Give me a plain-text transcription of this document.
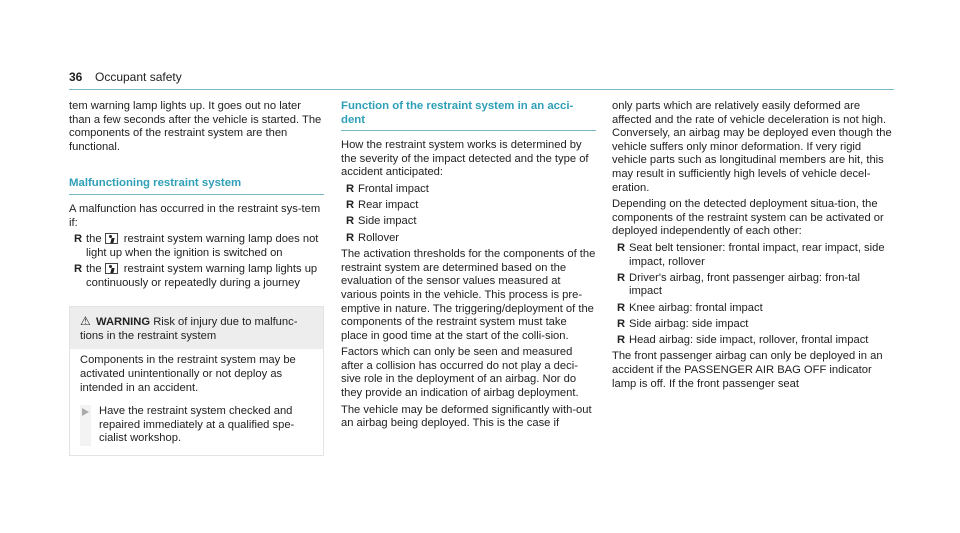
36 Occupant safety

tem warning lamp lights up. It goes out no later than a few seconds after the vehicle is started. The components of the restraint system are then functional.

Malfunctioning restraint system

A malfunction has occurred in the restraint sys-tem if:

R the restraint system warning lamp does not light up when the ignition is switched on
R the restraint system warning lamp lights up continuously or repeatedly during a journey
⚠ WARNING Risk of injury due to malfunc-tions in the restraint system

Components in the restraint system may be activated unintentionally or not deploy as intended in an accident.

Have the restraint system checked and repaired immediately at a qualified spe-cialist workshop.
Function of the restraint system in an acci-dent

How the restraint system works is determined by the severity of the impact detected and the type of accident anticipated:

R Frontal impact
R Rear impact
R Side impact
R Rollover

The activation thresholds for the components of the restraint system are determined based on the evaluation of the sensor values measured at various points in the vehicle. This process is pre-emptive in nature. The triggering/deployment of the components of the restraint system must take place in good time at the start of the colli-sion.

Factors which can only be seen and measured after a collision has occurred do not play a deci-sive role in the deployment of an airbag. Nor do they provide an indication of airbag deployment.

The vehicle may be deformed significantly with-out an airbag being deployed. This is the case if

only parts which are relatively easily deformed are affected and the rate of vehicle deceleration is not high. Conversely, an airbag may be deployed even though the vehicle suffers only minor deformation. If very rigid vehicle parts such as longitudinal members are hit, this may result in sufficiently high levels of vehicle decel-eration.

Depending on the detected deployment situa-tion, the components of the restraint system can be activated or deployed independently of each other:

R Seat belt tensioner: frontal impact, rear impact, side impact, rollover
R Driver's airbag, front passenger airbag: fron-tal impact
R Knee airbag: frontal impact
R Side airbag: side impact
R Head airbag: side impact, rollover, frontal impact

The front passenger airbag can only be deployed in an accident if the PASSENGER AIR BAG OFF indicator lamp is off. If the front passenger seat
